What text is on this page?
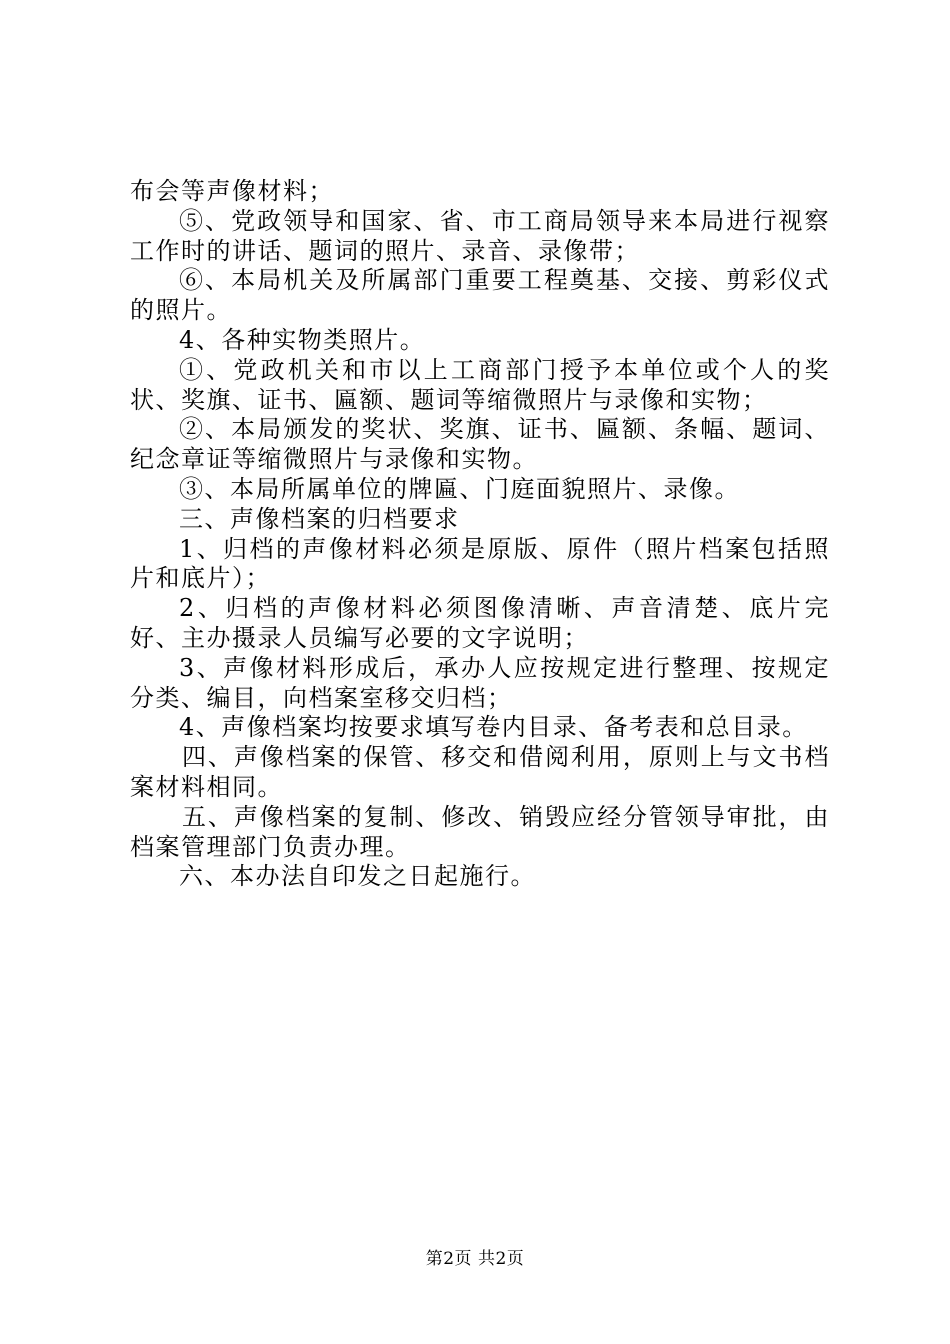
布会等声像材料；

⑤、党政领导和国家、省、市工商局领导来本局进行视察工作时的讲话、题词的照片、录音、录像带；

⑥、本局机关及所属部门重要工程奠基、交接、剪彩仪式的照片。

4、各种实物类照片。

①、党政机关和市以上工商部门授予本单位或个人的奖状、奖旗、证书、匾额、题词等缩微照片与录像和实物；

②、本局颁发的奖状、奖旗、证书、匾额、条幅、题词、纪念章证等缩微照片与录像和实物。

③、本局所属单位的牌匾、门庭面貌照片、录像。

三、声像档案的归档要求

1、归档的声像材料必须是原版、原件（照片档案包括照片和底片）；

2、归档的声像材料必须图像清晰、声音清楚、底片完好、主办摄录人员编写必要的文字说明；

3、声像材料形成后，承办人应按规定进行整理、按规定分类、编目，向档案室移交归档；

4、声像档案均按要求填写卷内目录、备考表和总目录。

四、声像档案的保管、移交和借阅利用，原则上与文书档案材料相同。

五、声像档案的复制、修改、销毁应经分管领导审批，由档案管理部门负责办理。

六、本办法自印发之日起施行。

第2页 共2页
